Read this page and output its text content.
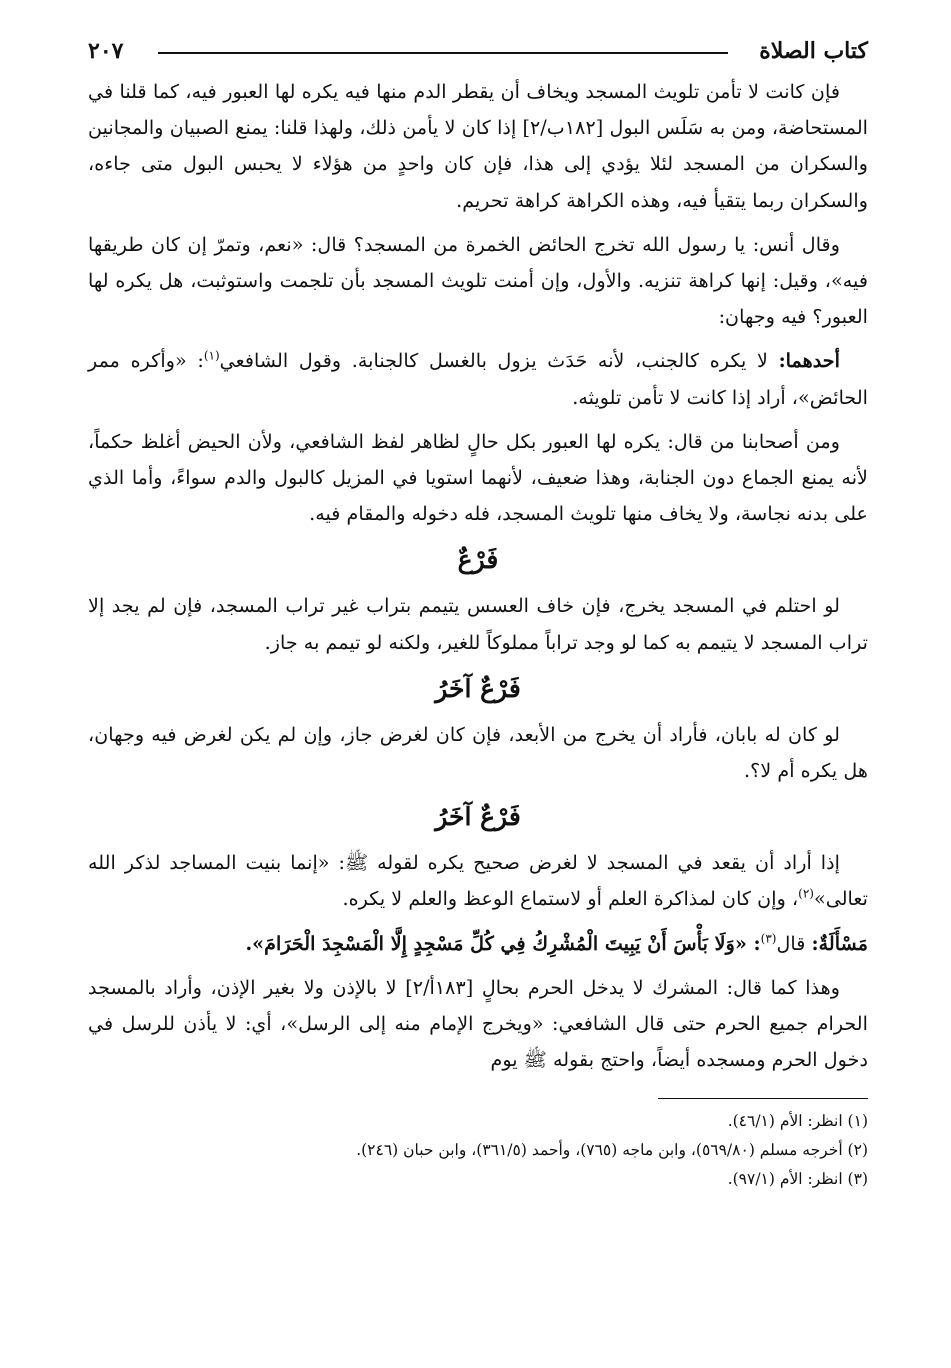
كتاب الصلاة
٢٠٧

فإن كانت لا تأمن تلويث المسجد ويخاف أن يقطر الدم منها فيه يكره لها العبور فيه، كما قلنا في المستحاضة، ومن به سَلَس البول [١٨٢ب/٢] إذا كان لا يأمن ذلك، ولهذا قلنا: يمنع الصبيان والمجانين والسكران من المسجد لئلا يؤدي إلى هذا، فإن كان واحدٍ من هؤلاء لا يحبس البول متى جاءه، والسكران ربما يتقيأ فيه، وهذه الكراهة كراهة تحريم.

وقال أنس: يا رسول الله تخرج الحائض الخمرة من المسجد؟ قال: «نعم، وتمرّ إن كان طريقها فيه»، وقيل: إنها كراهة تنزيه. والأول، وإن أمنت تلويث المسجد بأن تلجمت واستوثبت، هل يكره لها العبور؟ فيه وجهان:

أحدهما: لا يكره كالجنب، لأنه حَدَث يزول بالغسل كالجنابة. وقول الشافعي$^{(١)}$: «وأكره ممر الحائض»، أراد إذا كانت لا تأمن تلويثه.

ومن أصحابنا من قال: يكره لها العبور بكل حالٍ لظاهر لفظ الشافعي، ولأن الحيض أغلظ حكماً، لأنه يمنع الجماع دون الجنابة، وهذا ضعيف، لأنهما استويا في المزيل كالبول والدم سواءً، وأما الذي على بدنه نجاسة، ولا يخاف منها تلويث المسجد، فله دخوله والمقام فيه.

فَرْعٌ

لو احتلم في المسجد يخرج، فإن خاف العسس يتيمم بتراب غير تراب المسجد، فإن لم يجد إلا تراب المسجد لا يتيمم به كما لو وجد تراباً مملوكاً للغير، ولكنه لو تيمم به جاز.

فَرْعٌ آخَرُ

لو كان له بابان، فأراد أن يخرج من الأبعد، فإن كان لغرض جاز، وإن لم يكن لغرض فيه وجهان، هل يكره أم لا؟.

فَرْعٌ آخَرُ

إذا أراد أن يقعد في المسجد لا لغرض صحيح يكره لقوله ﷺ: «إنما بنيت المساجد لذكر الله تعالى»$^{(٢)}$، وإن كان لمذاكرة العلم أو لاستماع الوعظ والعلم لا يكره.

مَسْأَلَةٌ: قال$^{(٣)}$: «وَلَا بَأْسَ أَنْ يَبِيتَ الْمُشْرِكُ فِي كُلِّ مَسْجِدٍ إِلَّا الْمَسْجِدَ الْحَرَامَ».

وهذا كما قال: المشرك لا يدخل الحرم بحالٍ [١٨٣أ/٢] لا بالإذن ولا بغير الإذن، وأراد بالمسجد الحرام جميع الحرم حتى قال الشافعي: «ويخرج الإمام منه إلى الرسل»، أي: لا يأذن للرسل في دخول الحرم ومسجده أيضاً، واحتج بقوله ﷺ يوم

(١) انظر: الأم (٤٦/١).
(٢) أخرجه مسلم (٥٦٩/٨٠)، وابن ماجه (٧٦٥)، وأحمد (٣٦١/٥)، وابن حبان (٢٤٦).
(٣) انظر: الأم (٩٧/١).
